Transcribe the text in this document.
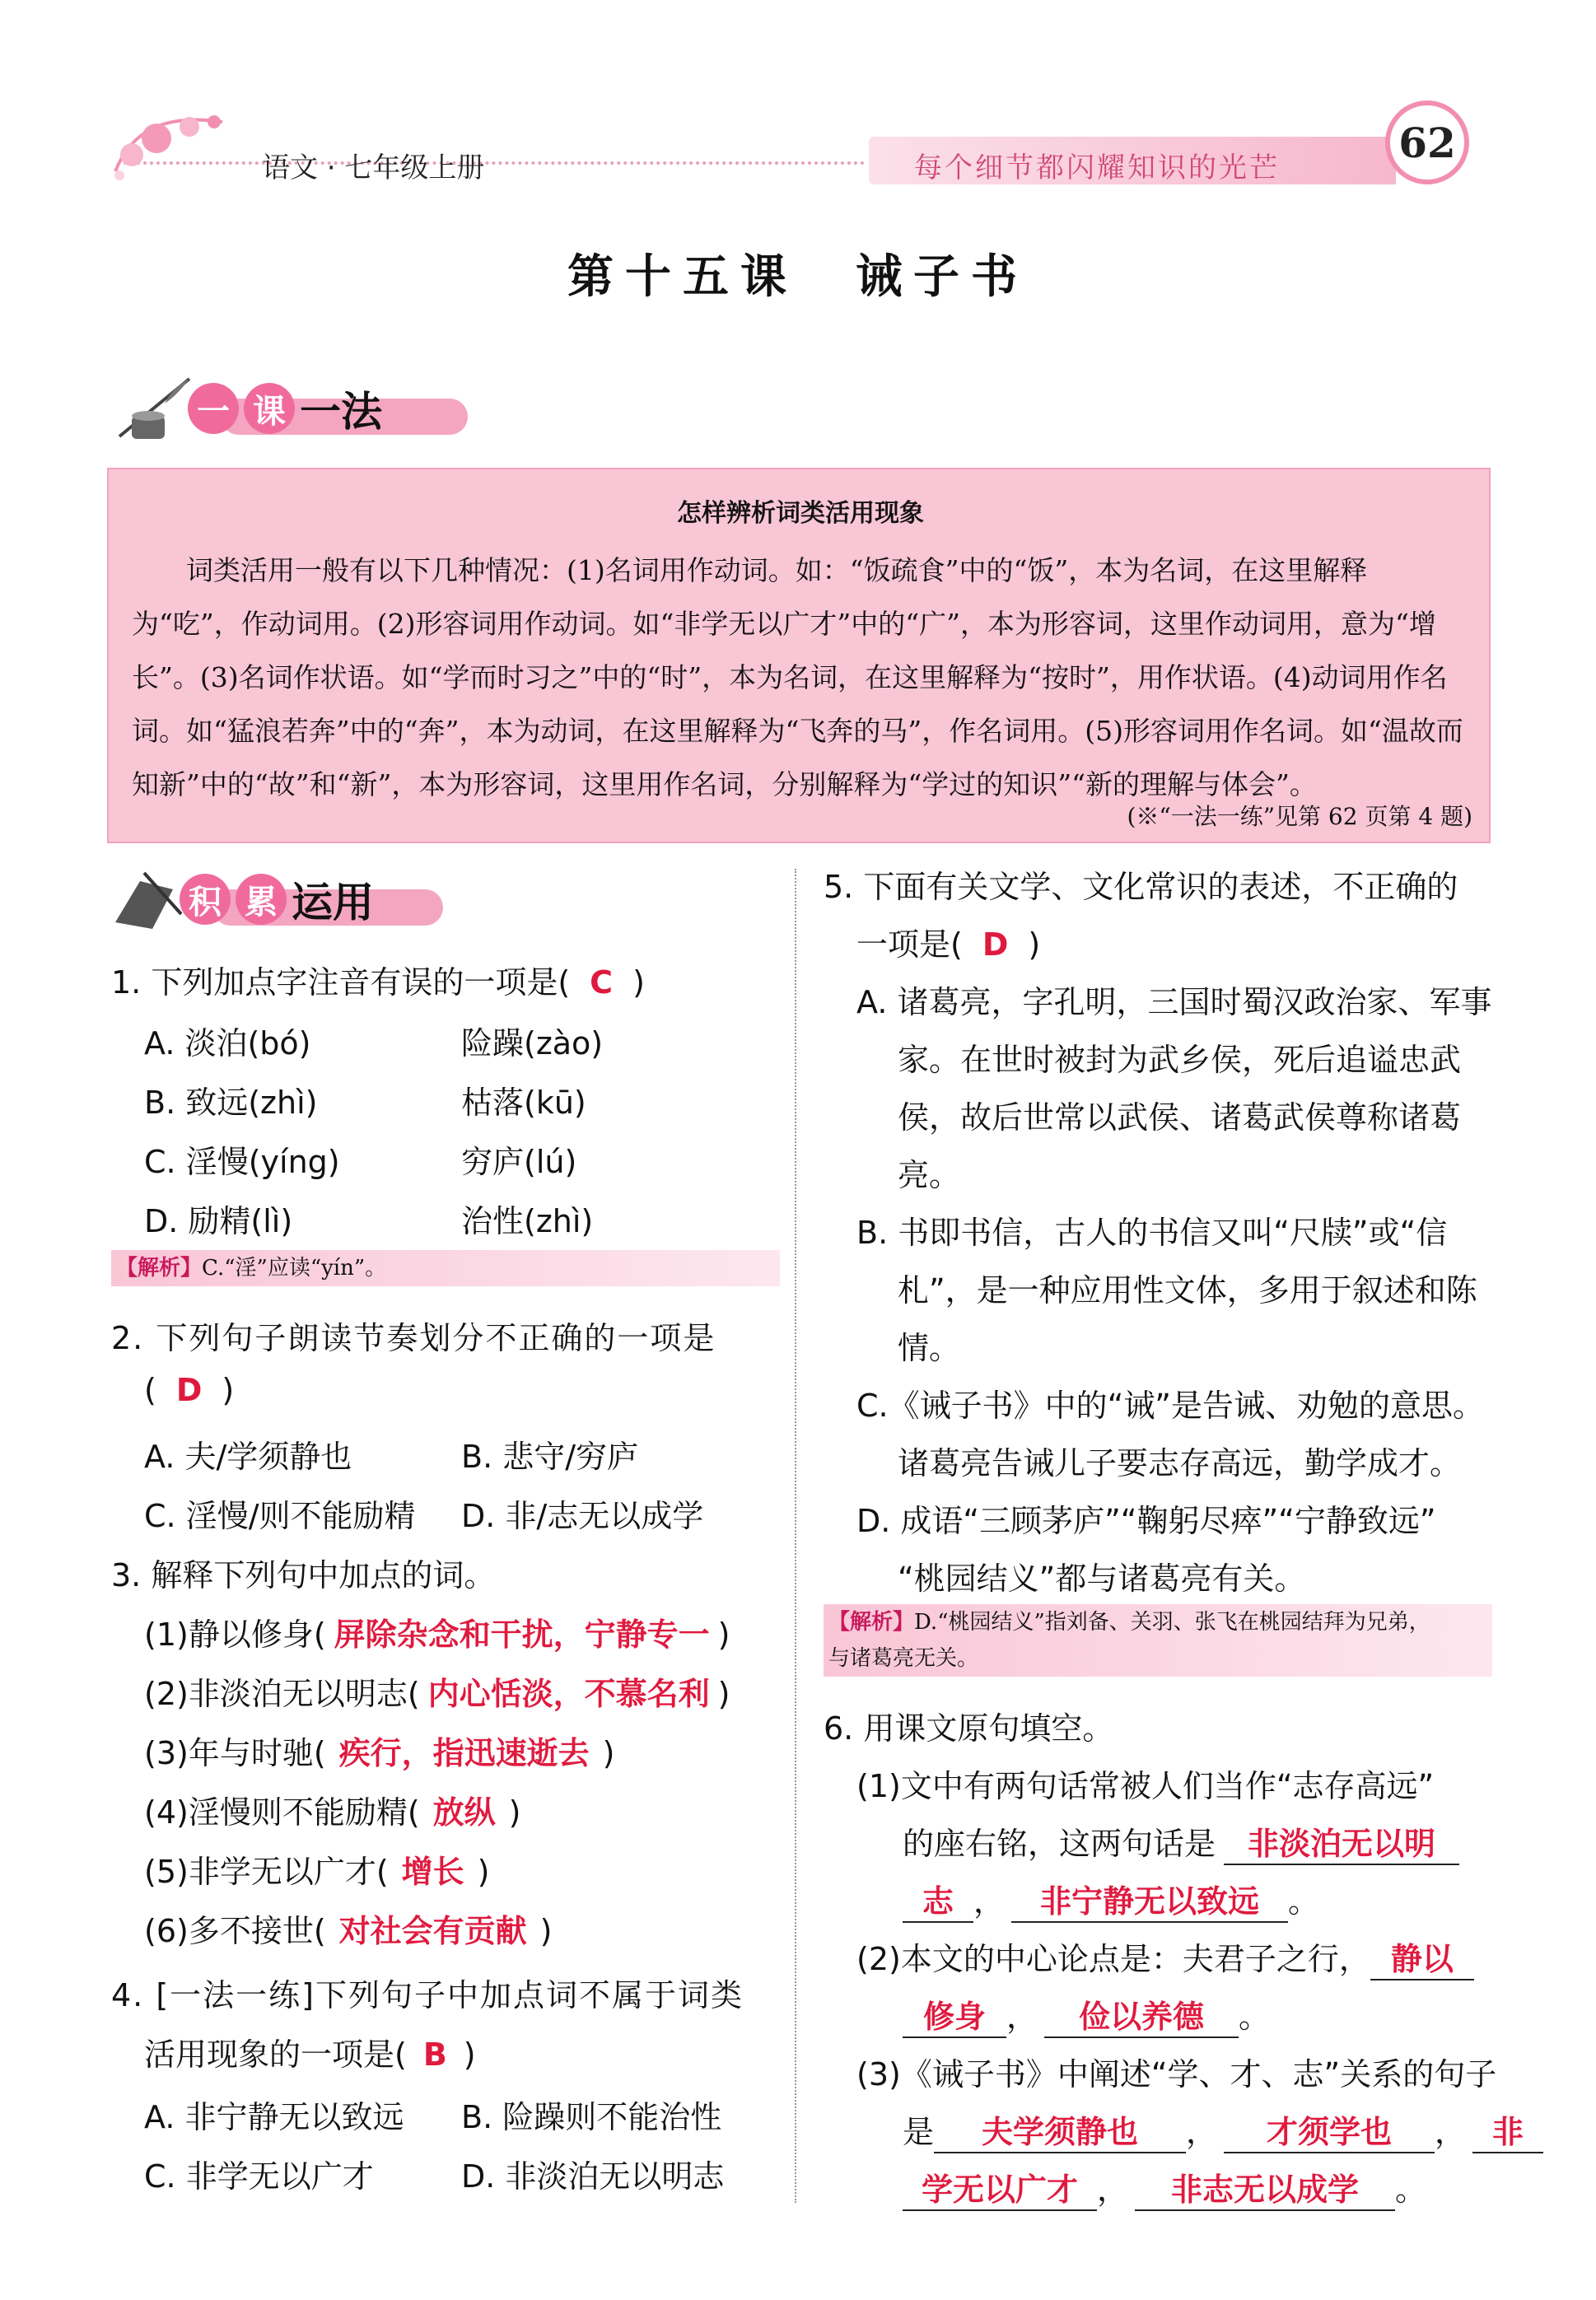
语文 · 七年级上册	每个细节都闪耀知识的光芒
62
第十五课　诫子书
一 课 一法
怎样辨析词类活用现象
词类活用一般有以下几种情况：(1)名词用作动词。如：“饭疏食”中的“饭”，本为名词，在这里解释为“吃”，作动词用。(2)形容词用作动词。如“非学无以广才”中的“广”，本为形容词，这里作动词用，意为“增长”。(3)名词作状语。如“学而时习之”中的“时”，本为名词，在这里解释为“按时”，用作状语。(4)动词用作名词。如“猛浪若奔”中的“奔”，本为动词，在这里解释为“飞奔的马”，作名词用。(5)形容词用作名词。如“温故而知新”中的“故”和“新”，本为形容词，这里用作名词，分别解释为“学过的知识”“新的理解与体会”。
(※“一法一练”见第 62 页第 4 题)
积 累 运用
1. 下列加点字注音有误的一项是( C )
A. 淡泊(bó)	险躁(zào)
B. 致远(zhì)	枯落(kū)
C. 淫慢(yíng)	穷庐(lú)
D. 励精(lì)	治性(zhì)
【解析】C.“淫”应读“yín”。
2. 下列句子朗读节奏划分不正确的一项是
( D )
A. 夫/学须静也	B. 悲守/穷庐
C. 淫慢/则不能励精 D. 非/志无以成学
3. 解释下列句中加点的词。
(1)静以修身( 屏除杂念和干扰，宁静专一 )
(2)非淡泊无以明志( 内心恬淡，不慕名利 )
(3)年与时驰( 疾行，指迅速逝去 )
(4)淫慢则不能励精( 放纵 )
(5)非学无以广才( 增长 )
(6)多不接世( 对社会有贡献 )
4. [一法一练]下列句子中加点词不属于词类
活用现象的一项是( B )
A. 非宁静无以致远 B. 险躁则不能治性
C. 非学无以广才	D. 非淡泊无以明志
5. 下面有关文学、文化常识的表述，不正确的
一项是( D )
A. 诸葛亮，字孔明，三国时蜀汉政治家、军事
家。在世时被封为武乡侯，死后追谥忠武
侯，故后世常以武侯、诸葛武侯尊称诸葛
亮。
B. 书即书信，古人的书信又叫“尺牍”或“信
札”，是一种应用性文体，多用于叙述和陈
情。
C.《诫子书》中的“诫”是告诫、劝勉的意思。
诸葛亮告诫儿子要志存高远，勤学成才。
D. 成语“三顾茅庐”“鞠躬尽瘁”“宁静致远”
“桃园结义”都与诸葛亮有关。
【解析】D.“桃园结义”指刘备、关羽、张飞在桃园结拜为兄弟，
与诸葛亮无关。
6. 用课文原句填空。
(1)文中有两句话常被人们当作“志存高远”
的座右铭，这两句话是 非淡泊无以明
志 ， 非宁静无以致远 。
(2)本文的中心论点是：夫君子之行， 静以
修身 ， 俭以养德 。
(3)《诫子书》中阐述“学、才、志”关系的句子
是 夫学须静也 ， 才须学也 ， 非
学无以广才 ， 非志无以成学 。
